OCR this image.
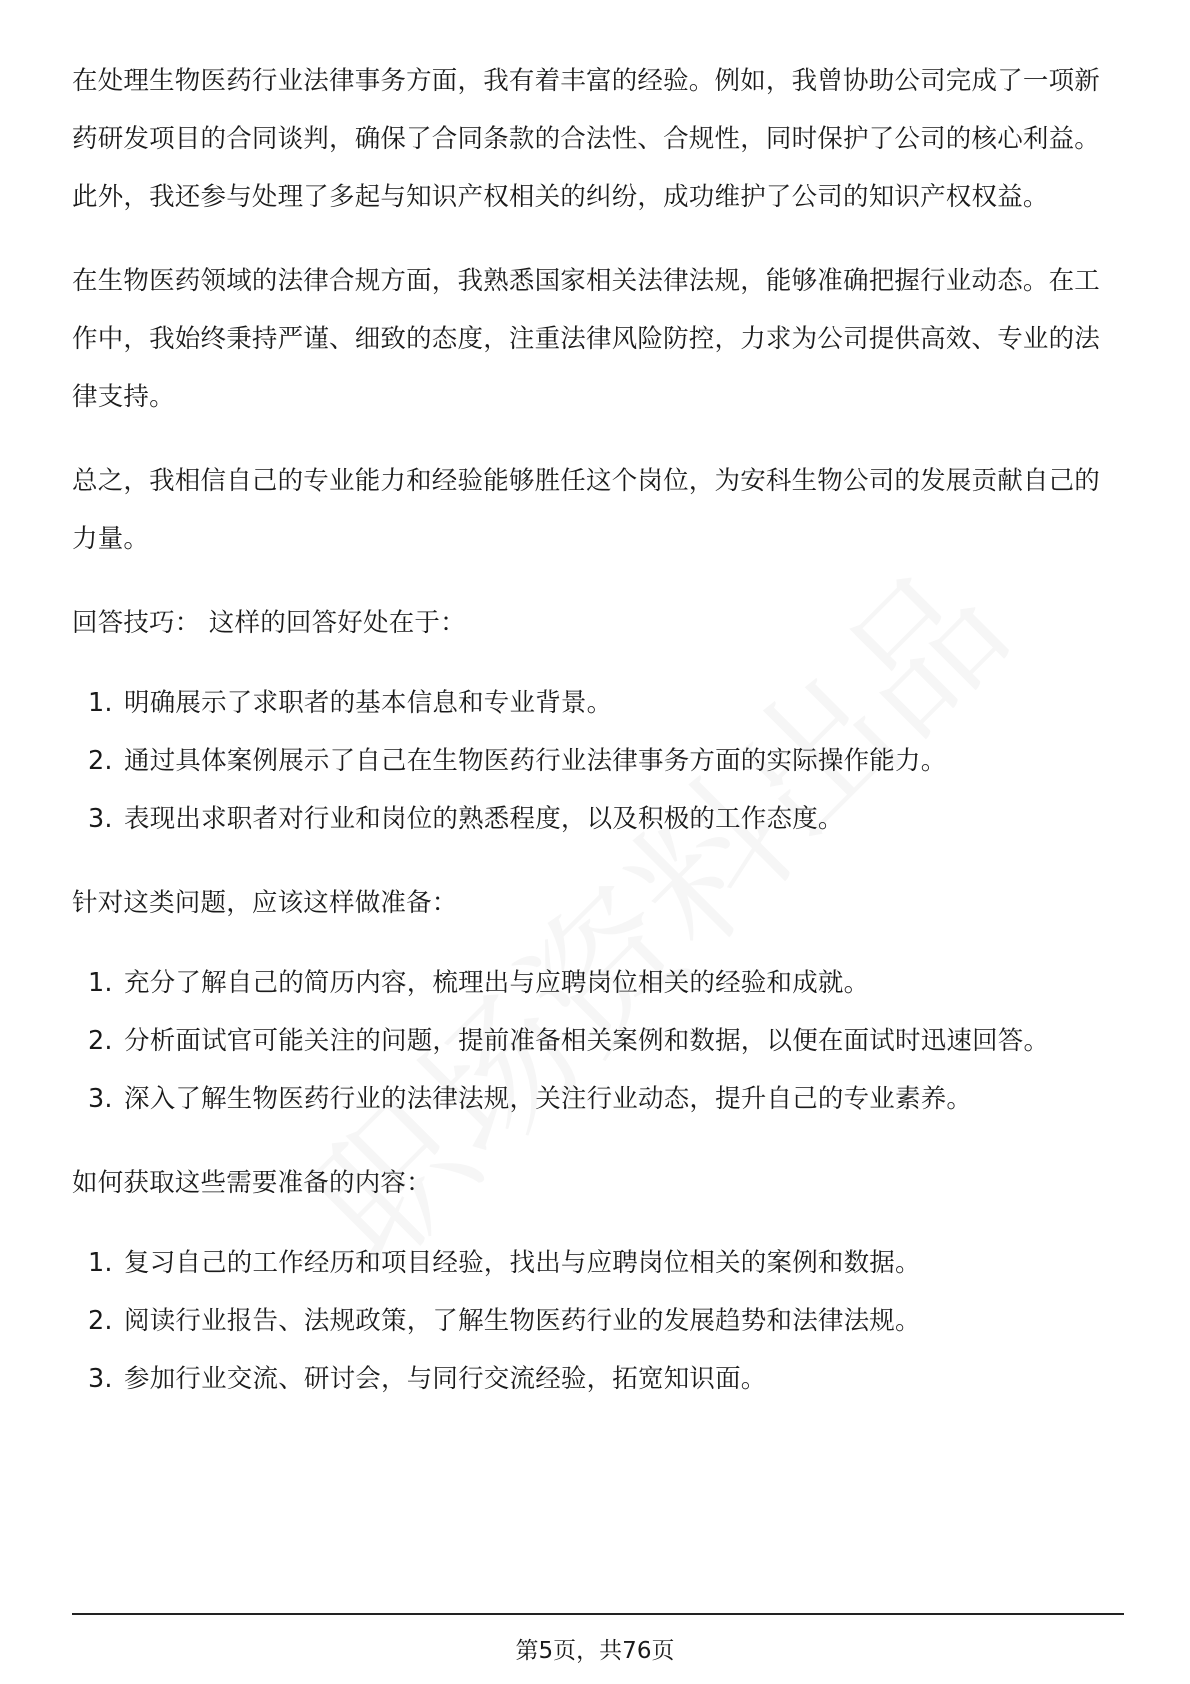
在处理生物医药行业法律事务方面，我有着丰富的经验。例如，我曾协助公司完成了一项新药研发项目的合同谈判，确保了合同条款的合法性、合规性，同时保护了公司的核心利益。此外，我还参与处理了多起与知识产权相关的纠纷，成功维护了公司的知识产权权益。

在生物医药领域的法律合规方面，我熟悉国家相关法律法规，能够准确把握行业动态。在工作中，我始终秉持严谨、细致的态度，注重法律风险防控，力求为公司提供高效、专业的法律支持。

总之，我相信自己的专业能力和经验能够胜任这个岗位，为安科生物公司的发展贡献自己的力量。

回答技巧： 这样的回答好处在于：

1. 明确展示了求职者的基本信息和专业背景。
2. 通过具体案例展示了自己在生物医药行业法律事务方面的实际操作能力。
3. 表现出求职者对行业和岗位的熟悉程度，以及积极的工作态度。

针对这类问题，应该这样做准备：

1. 充分了解自己的简历内容，梳理出与应聘岗位相关的经验和成就。
2. 分析面试官可能关注的问题，提前准备相关案例和数据，以便在面试时迅速回答。
3. 深入了解生物医药行业的法律法规，关注行业动态，提升自己的专业素养。

如何获取这些需要准备的内容：

1. 复习自己的工作经历和项目经验，找出与应聘岗位相关的案例和数据。
2. 阅读行业报告、法规政策，了解生物医药行业的发展趋势和法律法规。
3. 参加行业交流、研讨会，与同行交流经验，拓宽知识面。
第5页，共76页
